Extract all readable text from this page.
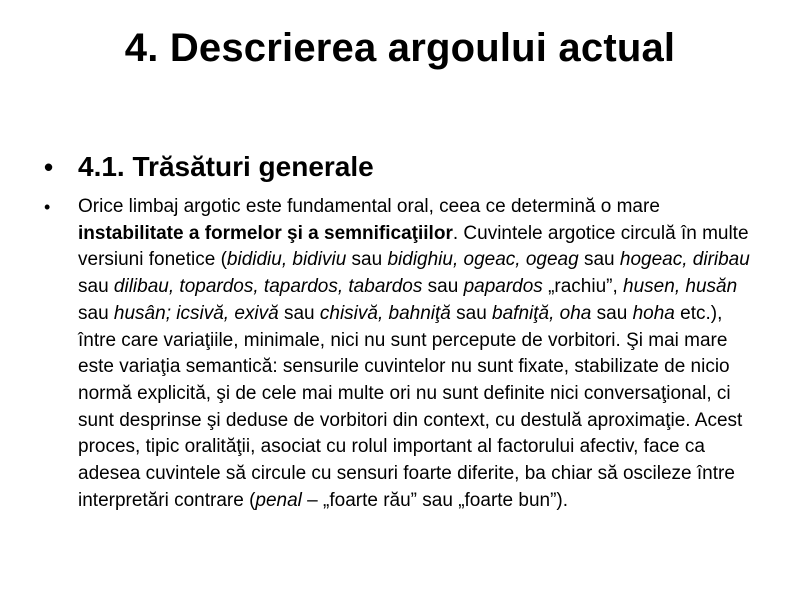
4. Descrierea argoului actual
• 4.1. Trăsături generale
•	Orice limbaj argotic este fundamental oral, ceea ce determină o mare instabilitate a formelor şi a semnificaţiilor. Cuvintele argotice circulă în multe versiuni fonetice (bididiu, bidiviu sau bidighiu, ogeac, ogeag sau hogeac, diribau sau dilibau, topardos, tapardos, tabardos sau papardos „rachiu”, husen, husăn sau husân; icsivă, exivă sau chisivă, bahniţă sau bafniţă, oha sau hoha etc.), între care variaţiile, minimale, nici nu sunt percepute de vorbitori. Şi mai mare este variaţia semantică: sensurile cuvintelor nu sunt fixate, stabilizate de nicio normă explicită, şi de cele mai multe ori nu sunt definite nici conversaţional, ci sunt desprinse şi deduse de vorbitori din context, cu destulă aproximaţie. Acest proces, tipic oralităţii, asociat cu rolul important al factorului afectiv, face ca adesea cuvintele să circule cu sensuri foarte diferite, ba chiar să oscileze între interpretări contrare (penal – „foarte rău” sau „foarte bun”).
